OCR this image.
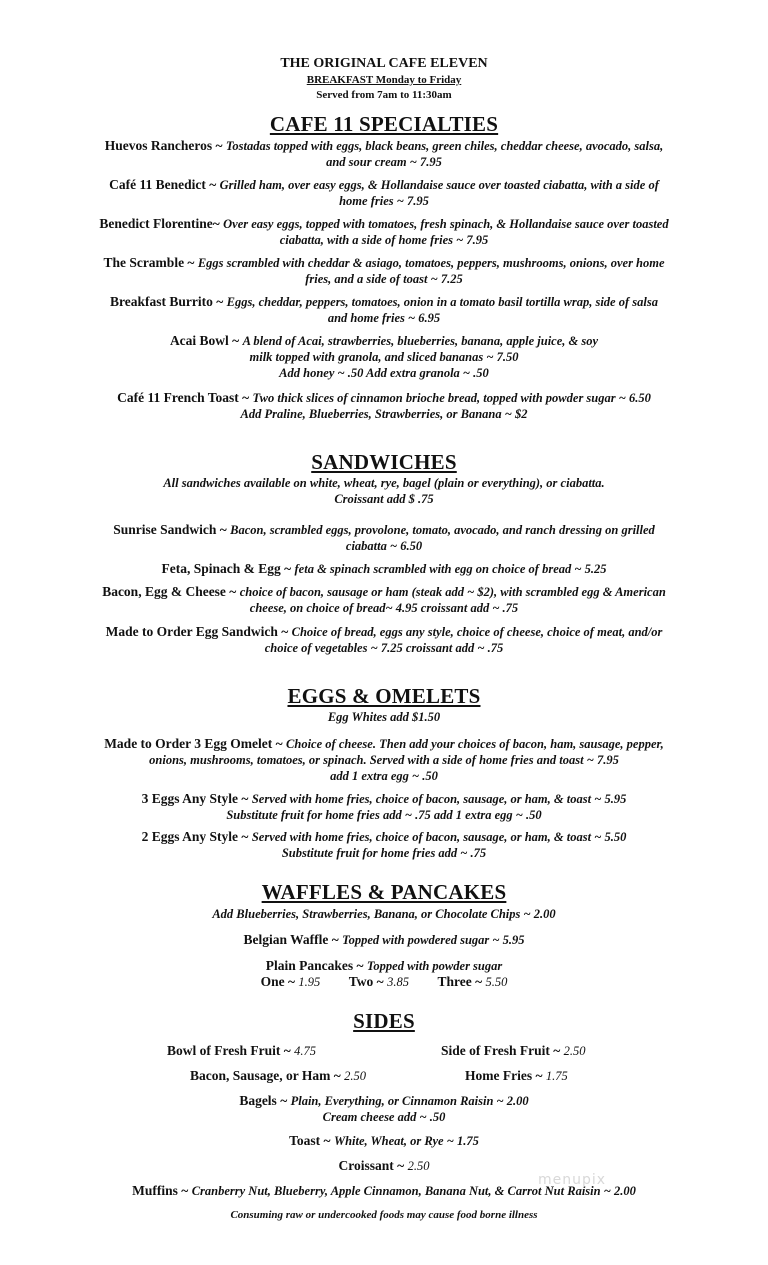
THE ORIGINAL CAFE ELEVEN
BREAKFAST Monday to Friday
Served from 7am to 11:30am
CAFE 11 SPECIALTIES
Huevos Rancheros ~ Tostadas topped with eggs, black beans, green chiles, cheddar cheese, avocado, salsa,
and sour cream ~ 7.95
Café 11 Benedict ~ Grilled ham, over easy eggs, & Hollandaise sauce over toasted ciabatta, with a side of
home fries ~ 7.95
Benedict Florentine~ Over easy eggs, topped with tomatoes, fresh spinach, & Hollandaise sauce over toasted
ciabatta, with a side of home fries ~ 7.95
The Scramble ~ Eggs scrambled with cheddar & asiago, tomatoes, peppers, mushrooms, onions, over home
fries, and a side of toast ~ 7.25
Breakfast Burrito ~ Eggs, cheddar, peppers, tomatoes, onion in a tomato basil tortilla wrap, side of salsa
and home fries ~ 6.95
Acai Bowl ~ A blend of Acai, strawberries, blueberries, banana, apple juice, & soy
milk topped with granola, and sliced bananas ~ 7.50
Add honey ~ .50 Add extra granola ~ .50
Café 11 French Toast ~ Two thick slices of cinnamon brioche bread, topped with powder sugar ~ 6.50
Add Praline, Blueberries, Strawberries, or Banana ~ $2
SANDWICHES
All sandwiches available on white, wheat, rye, bagel (plain or everything), or ciabatta.
Croissant add $ .75
Sunrise Sandwich ~ Bacon, scrambled eggs, provolone, tomato, avocado, and ranch dressing on grilled
ciabatta ~ 6.50
Feta, Spinach & Egg ~ feta & spinach scrambled with egg on choice of bread ~ 5.25
Bacon, Egg & Cheese ~ choice of bacon, sausage or ham (steak add ~ $2), with scrambled egg & American
cheese, on choice of bread~ 4.95 croissant add ~ .75
Made to Order Egg Sandwich ~ Choice of bread, eggs any style, choice of cheese, choice of meat, and/or
choice of vegetables ~ 7.25 croissant add ~ .75
EGGS & OMELETS
Egg Whites add $1.50
Made to Order 3 Egg Omelet ~ Choice of cheese. Then add your choices of bacon, ham, sausage, pepper,
onions, mushrooms, tomatoes, or spinach. Served with a side of home fries and toast ~ 7.95
add 1 extra egg ~ .50
3 Eggs Any Style ~ Served with home fries, choice of bacon, sausage, or ham, & toast ~ 5.95
Substitute fruit for home fries add ~ .75 add 1 extra egg ~ .50
2 Eggs Any Style ~ Served with home fries, choice of bacon, sausage, or ham, & toast ~ 5.50
Substitute fruit for home fries add ~ .75
WAFFLES & PANCAKES
Add Blueberries, Strawberries, Banana, or Chocolate Chips ~ 2.00
Belgian Waffle ~ Topped with powdered sugar ~ 5.95
Plain Pancakes ~ Topped with powder sugar
One ~ 1.95 Two ~ 3.85 Three ~ 5.50
SIDES
Bowl of Fresh Fruit ~ 4.75	Side of Fresh Fruit ~ 2.50
Bacon, Sausage, or Ham ~ 2.50	Home Fries ~ 1.75
Bagels ~ Plain, Everything, or Cinnamon Raisin ~ 2.00
Cream cheese add ~ .50
Toast ~ White, Wheat, or Rye ~ 1.75
Croissant ~ 2.50
Muffins ~ Cranberry Nut, Blueberry, Apple Cinnamon, Banana Nut, & Carrot Nut Raisin ~ 2.00
Consuming raw or undercooked foods may cause food borne illness
menupix
